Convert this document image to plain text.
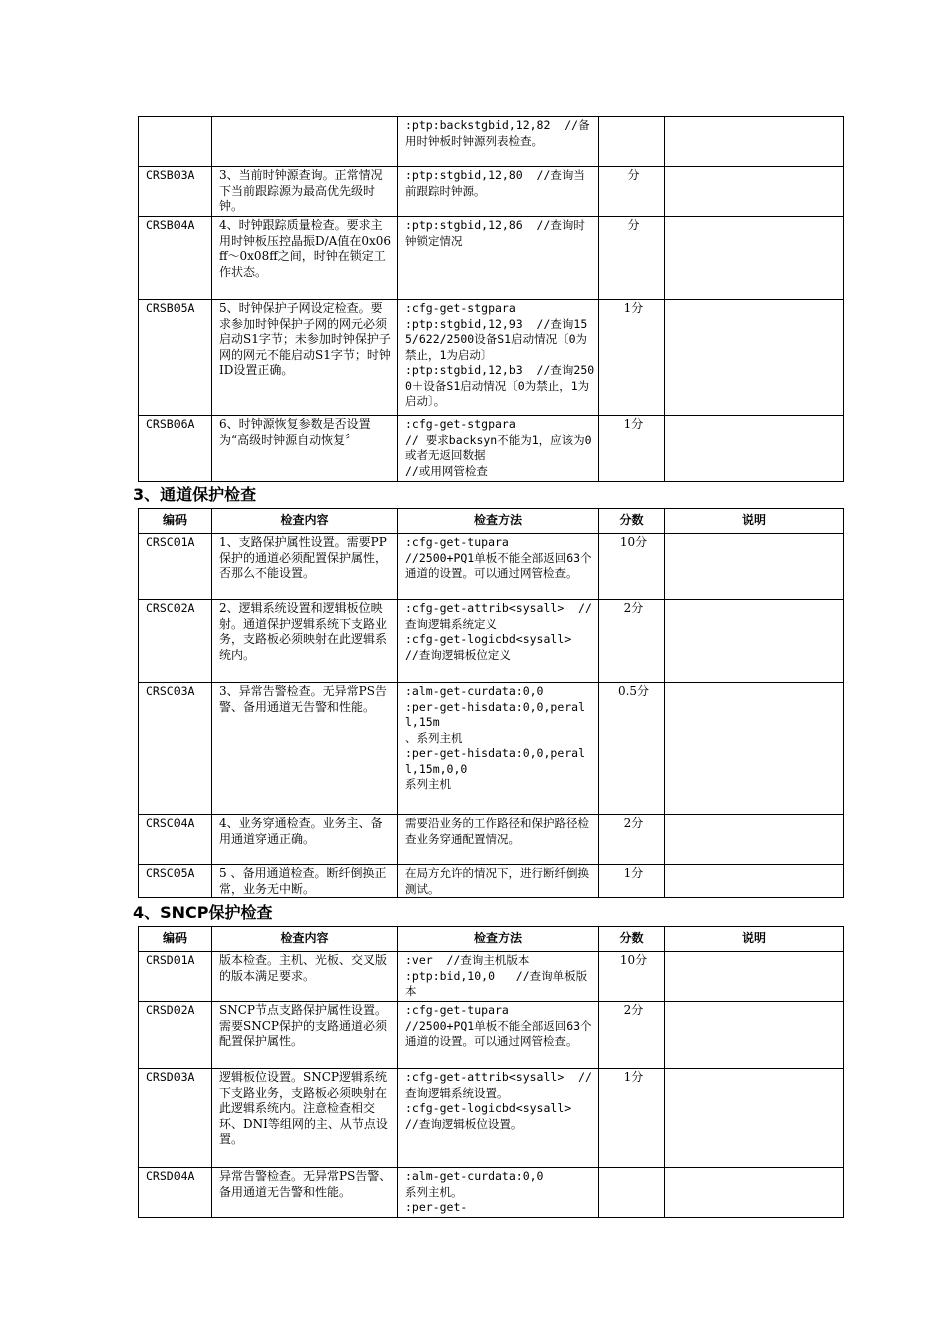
		:ptp:backstgbid,12,82  //备用时钟板时钟源列表检查。		
CRSB03A	3、当前时钟源查询。正常情况下当前跟踪源为最高优先级时钟。	:ptp:stgbid,12,80  //查询当前跟踪时钟源。	分	
CRSB04A	4、时钟跟踪质量检查。要求主用时钟板压控晶振D/A值在0x06ff～0x08ff之间，时钟在锁定工作状态。	:ptp:stgbid,12,86  //查询时钟锁定情况	分	
CRSB05A	5、时钟保护子网设定检查。要求参加时钟保护子网的网元必须启动S1字节；未参加时钟保护子网的网元不能启动S1字节；时钟ID设置正确。	:cfg-get-stgpara
:ptp:stgbid,12,93  //查询155/622/2500设备S1启动情况〔0为禁止，1为启动〕
:ptp:stgbid,12,b3  //查询2500＋设备S1启动情况〔0为禁止，1为启动〕。	1分	
CRSB06A	6、时钟源恢复参数是否设置为“高级时钟源自动恢复〞	:cfg-get-stgpara
// 要求backsyn不能为1，应该为0或者无返回数据
//或用网管检查	1分	
3、通道保护检查
编码	检查内容	检查方法	分数	说明
CRSC01A	1、支路保护属性设置。需要PP保护的通道必须配置保护属性，否那么不能设置。	:cfg-get-tupara
//2500+PQ1单板不能全部返回63个通道的设置。可以通过网管检查。	10分	
CRSC02A	2、逻辑系统设置和逻辑板位映射。通道保护逻辑系统下支路业务，支路板必须映射在此逻辑系统内。	:cfg-get-attrib<sysall>  //查询逻辑系统定义
:cfg-get-logicbd<sysall>
//查询逻辑板位定义	2分	
CRSC03A	3、异常告警检查。无异常PS告警、备用通道无告警和性能。	:alm-get-curdata:0,0
:per-get-hisdata:0,0,perall,15m
、系列主机
:per-get-hisdata:0,0,perall,15m,0,0
系列主机	0.5分	
CRSC04A	4、业务穿通检查。业务主、备用通道穿通正确。	需要沿业务的工作路径和保护路径检查业务穿通配置情况。	2分	
CRSC05A	5 、备用通道检查。断纤倒换正常，业务无中断。	在局方允许的情况下，进行断纤倒换测试。	1分	
4、SNCP保护检查
编码	检查内容	检查方法	分数	说明
CRSD01A	版本检查。主机、光板、交叉版的版本满足要求。	:ver  //查询主机版本
:ptp:bid,10,0   //查询单板版本	10分	
CRSD02A	SNCP节点支路保护属性设置。需要SNCP保护的支路通道必须配置保护属性。	:cfg-get-tupara
//2500+PQ1单板不能全部返回63个通道的设置。可以通过网管检查。	2分	
CRSD03A	逻辑板位设置。SNCP逻辑系统下支路业务，支路板必须映射在此逻辑系统内。注意检查相交环、DNI等组网的主、从节点设置。	:cfg-get-attrib<sysall>  //查询逻辑系统设置。
:cfg-get-logicbd<sysall>
//查询逻辑板位设置。	1分	
CRSD04A	异常告警检查。无异常PS告警、备用通道无告警和性能。	:alm-get-curdata:0,0
系列主机。
:per-get-		
